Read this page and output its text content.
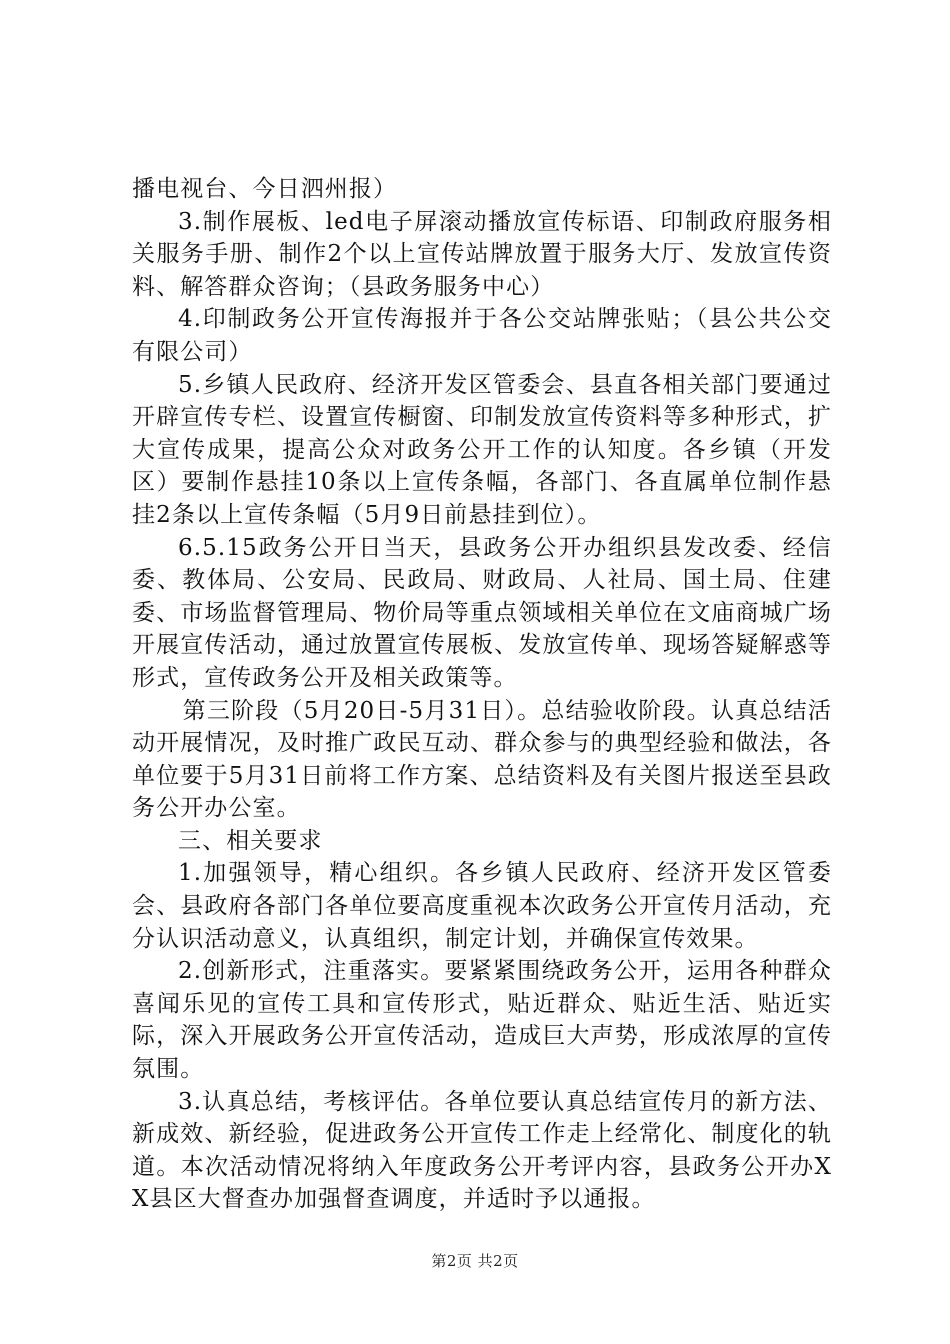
播电视台、今日泗州报）

3.制作展板、led电子屏滚动播放宣传标语、印制政府服务相关服务手册、制作2个以上宣传站牌放置于服务大厅、发放宣传资料、解答群众咨询；（县政务服务中心）

4.印制政务公开宣传海报并于各公交站牌张贴；（县公共公交有限公司）

5.乡镇人民政府、经济开发区管委会、县直各相关部门要通过开辟宣传专栏、设置宣传橱窗、印制发放宣传资料等多种形式，扩大宣传成果，提高公众对政务公开工作的认知度。各乡镇（开发区）要制作悬挂10条以上宣传条幅，各部门、各直属单位制作悬挂2条以上宣传条幅（5月9日前悬挂到位）。

6.5.15政务公开日当天，县政务公开办组织县发改委、经信委、教体局、公安局、民政局、财政局、人社局、国土局、住建委、市场监督管理局、物价局等重点领域相关单位在文庙商城广场开展宣传活动，通过放置宣传展板、发放宣传单、现场答疑解惑等形式，宣传政务公开及相关政策等。

第三阶段（5月20日-5月31日）。总结验收阶段。认真总结活动开展情况，及时推广政民互动、群众参与的典型经验和做法，各单位要于5月31日前将工作方案、总结资料及有关图片报送至县政务公开办公室。

三、相关要求

1.加强领导，精心组织。各乡镇人民政府、经济开发区管委会、县政府各部门各单位要高度重视本次政务公开宣传月活动，充分认识活动意义，认真组织，制定计划，并确保宣传效果。

2.创新形式，注重落实。要紧紧围绕政务公开，运用各种群众喜闻乐见的宣传工具和宣传形式，贴近群众、贴近生活、贴近实际，深入开展政务公开宣传活动，造成巨大声势，形成浓厚的宣传氛围。

3.认真总结，考核评估。各单位要认真总结宣传月的新方法、新成效、新经验，促进政务公开宣传工作走上经常化、制度化的轨道。本次活动情况将纳入年度政务公开考评内容，县政务公开办XX县区大督查办加强督查调度，并适时予以通报。

第2页 共2页
